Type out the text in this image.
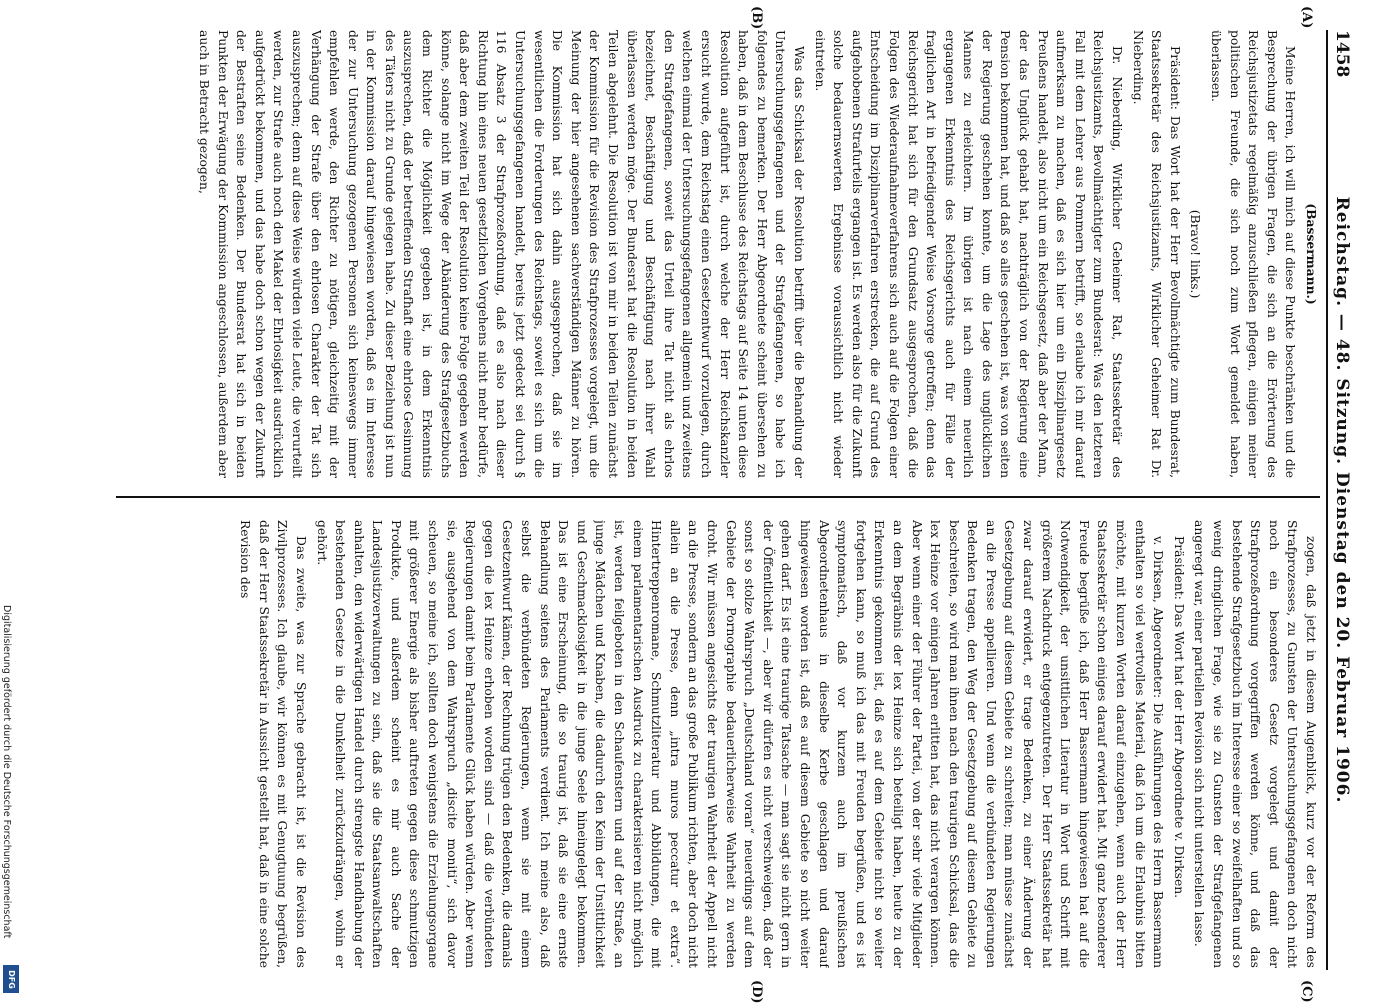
1458
Reichstag. — 48. Sitzung. Dienstag den 20. Februar 1906.
(A)
(B)
(C)
(D)

(Bassermann.)

Meine Herren, ich will mich auf diese Punkte beschränken und die Besprechung der übrigen Fragen, die sich an die Erörterung des Reichsjustizetats regelmäßig anzuschließen pflegen, einigen meiner politischen Freunde, die sich noch zum Wort gemeldet haben, überlassen.

(Bravo! links.)

Präsident: Das Wort hat der Herr Bevollmächtigte zum Bundesrat, Staatssekretär des Reichsjustizamts, Wirklicher Geheimer Rat Dr. Nieberding.

Dr. Nieberding, Wirklicher Geheimer Rat, Staatssekretär des Reichsjustizamts, Bevollmächtigter zum Bundesrat: Was den letzteren Fall mit dem Lehrer aus Pommern betrifft, so erlaube ich mir darauf aufmerksam zu machen, daß es sich hier um ein Disziplinargesetz Preußens handelt, also nicht um ein Reichsgesetz, daß aber der Mann, der das Unglück gehabt hat, nachträglich von der Regierung eine Pension bekommen hat, und daß so alles geschehen ist, was von seiten der Regierung geschehen konnte, um die Lage des unglücklichen Mannes zu erleichtern. Im übrigen ist nach einem neuerlich ergangenen Erkenntnis des Reichsgerichts auch für Fälle der fraglichen Art in befriedigender Weise Vorsorge getroffen; denn das Reichsgericht hat sich für den Grundsatz ausgesprochen, daß die Folgen des Wiederaufnahmeverfahrens sich auch auf die Folgen einer Entscheidung im Disziplinarverfahren erstrecken, die auf Grund des aufgehobenen Strafurteils ergangen ist. Es werden also für die Zukunft solche bedauernswerten Ergebnisse voraussichtlich nicht wieder eintreten.

Was das Schicksal der Resolution betrifft über die Behandlung der Untersuchungsgefangenen und der Strafgefangenen, so habe ich folgendes zu bemerken. Der Herr Abgeordnete scheint übersehen zu haben, daß in dem Beschlusse des Reichstags auf Seite 14 unten diese Resolution aufgeführt ist, durch welche der Herr Reichskanzler ersucht wurde, dem Reichstag einen Gesetzentwurf vorzulegen, durch welchen einmal der Untersuchungsgefangenen allgemein und zweitens den Strafgefangenen, soweit das Urteil ihre Tat nicht als ehrlos bezeichnet, Beschäftigung und Beschäftigung nach ihrer Wahl überlassen werden möge. Der Bundesrat hat die Resolution in beiden Teilen abgelehnt. Die Resolution ist von mir in beiden Teilen zunächst der Kommission für die Revision des Strafprozesses vorgelegt, um die Meinung der hier angesehenen sachverständigen Männer zu hören. Die Kommission hat sich dahin ausgesprochen, daß sie im wesentlichen die Forderungen des Reichstags, soweit es sich um die Untersuchungsgefangenen handelt, bereits jetzt gedeckt sei durch § 116 Absatz 3 der Strafprozeßordnung, daß es also nach dieser Richtung hin eines neuen gesetzlichen Vorgehens nicht mehr bedürfe, daß aber dem zweiten Teil der Resolution keine Folge gegeben werden könne, solange nicht im Wege der Abänderung des Strafgesetzbuchs dem Richter die Möglichkeit gegeben ist, in dem Erkenntnis auszusprechen, daß der betreffenden Strafhaft eine ehrlose Gesinnung des Täters nicht zu Grunde gelegen habe. Zu dieser Beziehung ist nun in der Kommission darauf hingewiesen worden, daß es im Interesse der zur Untersuchung gezogenen Personen sich keineswegs immer empfehlen werde, den Richter zu nötigen, gleichzeitig mit der Verhängung der Strafe über den ehrlosen Charakter der Tat sich auszusprechen; denn auf diese Weise würden viele Leute, die verurteilt werden, zur Strafe auch noch den Makel der Ehrlosigkeit ausdrücklich aufgedrückt bekommen, und das habe doch schon wegen der Zukunft der Bestraften seine Bedenken. Der Bundesrat hat sich in beiden Punkten der Erwägung der Kommission angeschlossen, außerdem aber auch in Betracht gezogen,

zogen, daß jetzt in diesem Augenblick, kurz vor der Reform des Strafprozesses, zu Gunsten der Untersuchungsgefangenen doch nicht noch ein besonderes Gesetz vorgelegt und damit der Strafprozeßordnung vorgegriffen werden könne, und daß das bestehende Strafgesetzbuch im Interesse einer so zweifelhaften und so wenig dringlichen Frage, wie sie zu Gunsten der Strafgefangenen angeregt war, einer partiellen Revision sich nicht unterstellen lasse.

Präsident: Das Wort hat der Herr Abgeordnete v. Dirksen.

v. Dirksen, Abgeordneter: Die Ausführungen des Herrn Bassermann enthalten so viel wertvolles Material, daß ich um die Erlaubnis bitten möchte, mit kurzen Worten darauf einzugehen, wenn auch der Herr Staatssekretär schon einiges darauf erwidert hat. Mit ganz besonderer Freude begrüße ich, daß Herr Bassermann hingewiesen hat auf die Notwendigkeit, der unsittlichen Literatur in Wort und Schrift mit größerem Nachdruck entgegenzutreten. Der Herr Staatssekretär hat zwar darauf erwidert, er trage Bedenken, zu einer Änderung der Gesetzgebung auf diesem Gebiete zu schreiten; man müsse zunächst an die Presse appellieren. Und wenn die verbündeten Regierungen Bedenken tragen, den Weg der Gesetzgebung auf diesem Gebiete zu beschreiten, so wird man ihnen nach den traurigen Schicksal, das die lex Heinze vor einigen Jahren erlitten hat, das nicht verargen können. Aber wenn einer der Führer der Partei, von der sehr viele Mitglieder an dem Begräbnis der lex Heinze sich beteiligt haben, heute zu der Erkenntnis gekommen ist, daß es auf dem Gebiete nicht so weiter fortgehen kann, so muß ich das mit Freuden begrüßen, und es ist symptomatisch, daß vor kurzem auch im preußischen Abgeordnetenhaus in dieselbe Kerbe geschlagen und darauf hingewiesen worden ist, daß es auf diesem Gebiete so nicht weiter gehen darf. Es ist eine traurige Tatsache — man sagt sie nicht gern in der Öffentlichkeit —, aber wir dürfen es nicht verschweigen, daß der sonst so stolze Wahrspruch „Deutschland voran“ neuerdings auf dem Gebiete der Pornographie bedauerlicherweise Wahrheit zu werden droht. Wir müssen angesichts der traurigen Wahrheit der Appell nicht an die Presse, sondern an das große Publikum richten, aber doch nicht allein an die Presse, denn „intra muros peccatur et extra“. Hintertreppenromane, Schmutzliteratur und Abbildungen, die mit einem parlamentarischen Ausdruck zu charakterisieren nicht möglich ist, werden feilgeboten in den Schaufenstern und auf der Straße, an junge Mädchen und Knaben, die dadurch den Keim der Unsittlichkeit und Geschmacklosigkeit in die junge Seele hineingelegt bekommen. Das ist eine Erscheinung, die so traurig ist, daß sie eine ernste Behandlung seitens des Parlaments verdient. Ich meine also, daß selbst die verbündeten Regierungen, wenn sie mit einem Gesetzentwurf kämen, der Rechnung trügen den Bedenken, die damals gegen die lex Heinze erhoben worden sind — daß die verbündeten Regierungen damit beim Parlamente Glück haben würden. Aber wenn sie, ausgehend von dem Wahrspruch „discite moniti“, sich davor scheuen, so meine ich, sollten doch wenigstens die Erziehungsorgane mit größerer Energie als bisher auftreten gegen diese schmutzigen Produkte, und außerdem scheint es mir auch Sache der Landesjustizverwaltungen zu sein, daß sie die Staatsanwaltschaften anhalten, den widerwärtigen Handel durch strengste Handhabung der bestehenden Gesetze in die Dunkelheit zurückzudrängen, wohin er gehört.

Das zweite, was zur Sprache gebracht ist, ist die Revision des Zivilprozesses. Ich glaube, wir können es mit Genugtuung begrüßen, daß der Herr Staatssekretär in Aussicht gestellt hat, daß in eine solche Revision des

Digitalisierung gefördert durch die Deutsche Forschungsgemeinschaft
DFG
